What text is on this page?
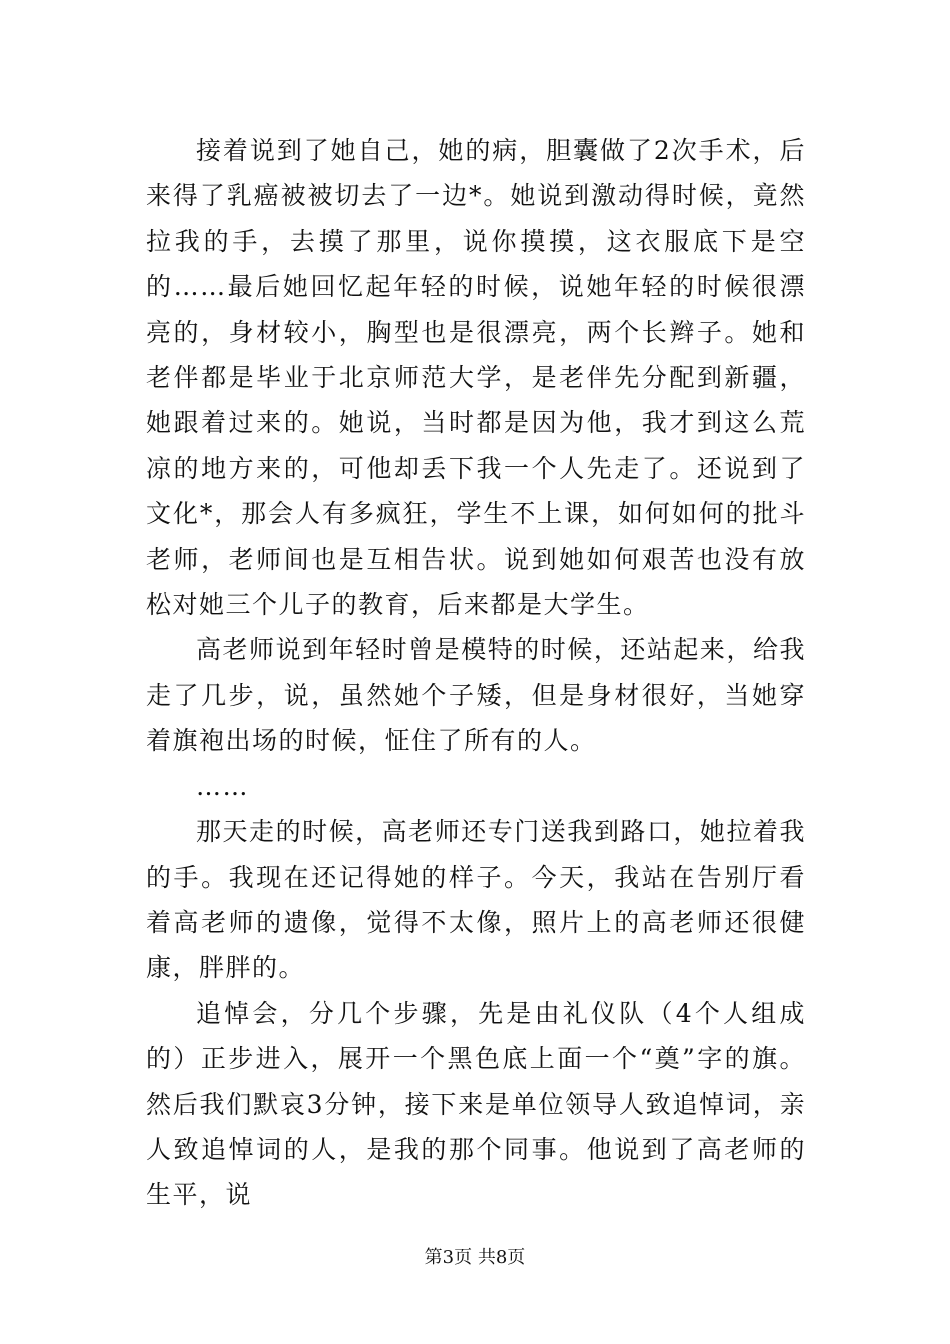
接着说到了她自己，她的病，胆囊做了2次手术，后来得了乳癌被被切去了一边*。她说到激动得时候，竟然拉我的手，去摸了那里，说你摸摸，这衣服底下是空的……最后她回忆起年轻的时候，说她年轻的时候很漂亮的，身材较小，胸型也是很漂亮，两个长辫子。她和老伴都是毕业于北京师范大学，是老伴先分配到新疆，她跟着过来的。她说，当时都是因为他，我才到这么荒凉的地方来的，可他却丢下我一个人先走了。还说到了文化*，那会人有多疯狂，学生不上课，如何如何的批斗老师，老师间也是互相告状。说到她如何艰苦也没有放松对她三个儿子的教育，后来都是大学生。

高老师说到年轻时曾是模特的时候，还站起来，给我走了几步，说，虽然她个子矮，但是身材很好，当她穿着旗袍出场的时候，怔住了所有的人。

……

那天走的时候，高老师还专门送我到路口，她拉着我的手。我现在还记得她的样子。今天，我站在告别厅看着高老师的遗像，觉得不太像，照片上的高老师还很健康，胖胖的。

追悼会，分几个步骤，先是由礼仪队（4个人组成的）正步进入，展开一个黑色底上面一个“奠”字的旗。然后我们默哀3分钟，接下来是单位领导人致追悼词，亲人致追悼词的人，是我的那个同事。他说到了高老师的生平，说

第3页 共8页
